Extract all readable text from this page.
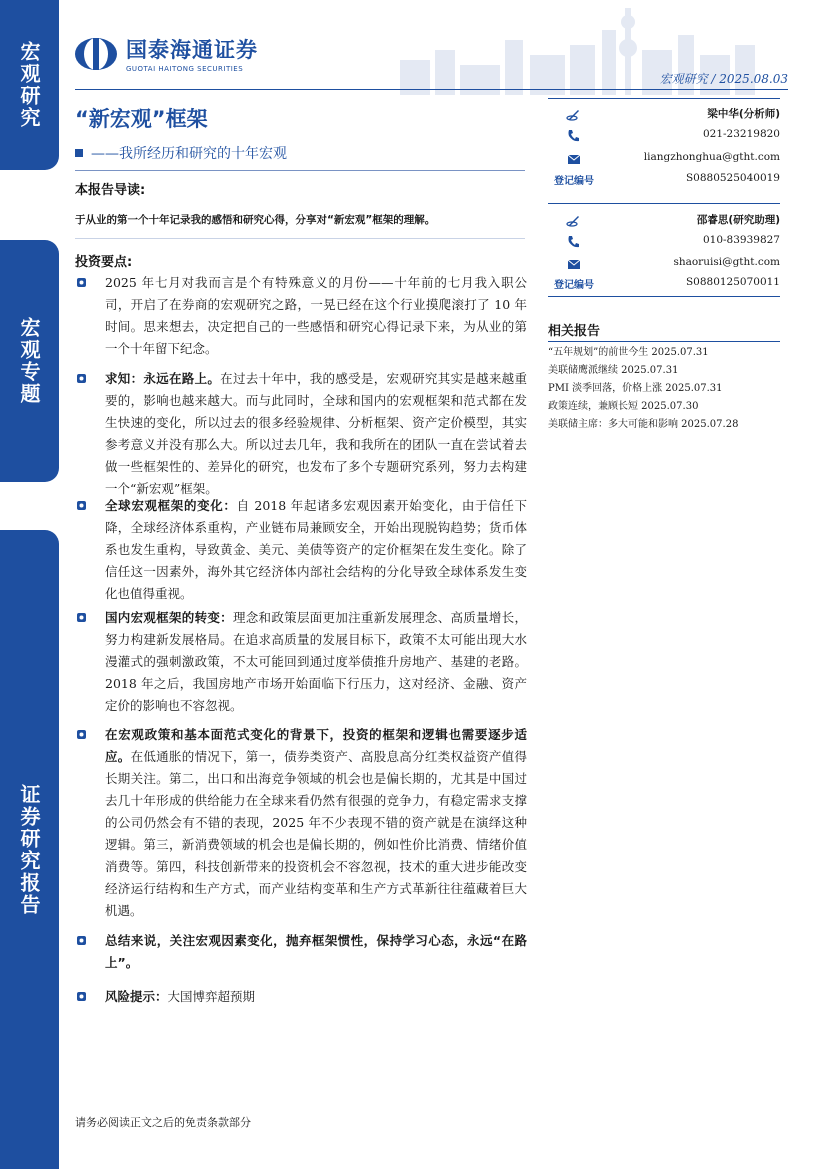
宏观研究
宏观专题
证券研究报告
国泰海通证券
GUOTAI HAITONG SECURITIES
宏观研究 / 2025.08.03
“新宏观”框架
——我所经历和研究的十年宏观
本报告导读:
于从业的第一个十年记录我的感悟和研究心得，分享对“新宏观”框架的理解。
投资要点:
2025 年七月对我而言是个有特殊意义的月份——十年前的七月我入职公司，开启了在券商的宏观研究之路，一晃已经在这个行业摸爬滚打了 10 年时间。思来想去，决定把自己的一些感悟和研究心得记录下来，为从业的第一个十年留下纪念。
求知：永远在路上。在过去十年中，我的感受是，宏观研究其实是越来越重要的，影响也越来越大。而与此同时，全球和国内的宏观框架和范式都在发生快速的变化，所以过去的很多经验规律、分析框架、资产定价模型，其实参考意义并没有那么大。所以过去几年，我和我所在的团队一直在尝试着去做一些框架性的、差异化的研究，也发布了多个专题研究系列，努力去构建一个“新宏观”框架。
全球宏观框架的变化：自 2018 年起诸多宏观因素开始变化，由于信任下降，全球经济体系重构，产业链布局兼顾安全，开始出现脱钩趋势；货币体系也发生重构，导致黄金、美元、美债等资产的定价框架在发生变化。除了信任这一因素外，海外其它经济体内部社会结构的分化导致全球体系发生变化也值得重视。
国内宏观框架的转变：理念和政策层面更加注重新发展理念、高质量增长，努力构建新发展格局。在追求高质量的发展目标下，政策不太可能出现大水漫灌式的强刺激政策，不太可能回到通过度举债推升房地产、基建的老路。2018 年之后，我国房地产市场开始面临下行压力，这对经济、金融、资产定价的影响也不容忽视。
在宏观政策和基本面范式变化的背景下，投资的框架和逻辑也需要逐步适应。在低通胀的情况下，第一，债券类资产、高股息高分红类权益资产值得长期关注。第二，出口和出海竞争领域的机会也是偏长期的，尤其是中国过去几十年形成的供给能力在全球来看仍然有很强的竞争力，有稳定需求支撑的公司仍然会有不错的表现，2025 年不少表现不错的资产就是在演绎这种逻辑。第三，新消费领域的机会也是偏长期的，例如性价比消费、情绪价值消费等。第四，科技创新带来的投资机会不容忽视，技术的重大进步能改变经济运行结构和生产方式，而产业结构变革和生产方式革新往往蕴藏着巨大机遇。
总结来说，关注宏观因素变化，抛弃框架惯性，保持学习心态，永远“在路上”。
风险提示：大国博弈超预期
梁中华(分析师)
021-23219820
liangzhonghua@gtht.com
登记编号	S0880525040019
邵睿思(研究助理)
010-83939827
shaoruisi@gtht.com
登记编号	S0880125070011
相关报告
“五年规划”的前世今生 2025.07.31
美联储鹰派继续 2025.07.31
PMI 淡季回落，价格上涨 2025.07.31
政策连续，兼顾长短 2025.07.30
美联储主席：多大可能和影响 2025.07.28
请务必阅读正文之后的免责条款部分
